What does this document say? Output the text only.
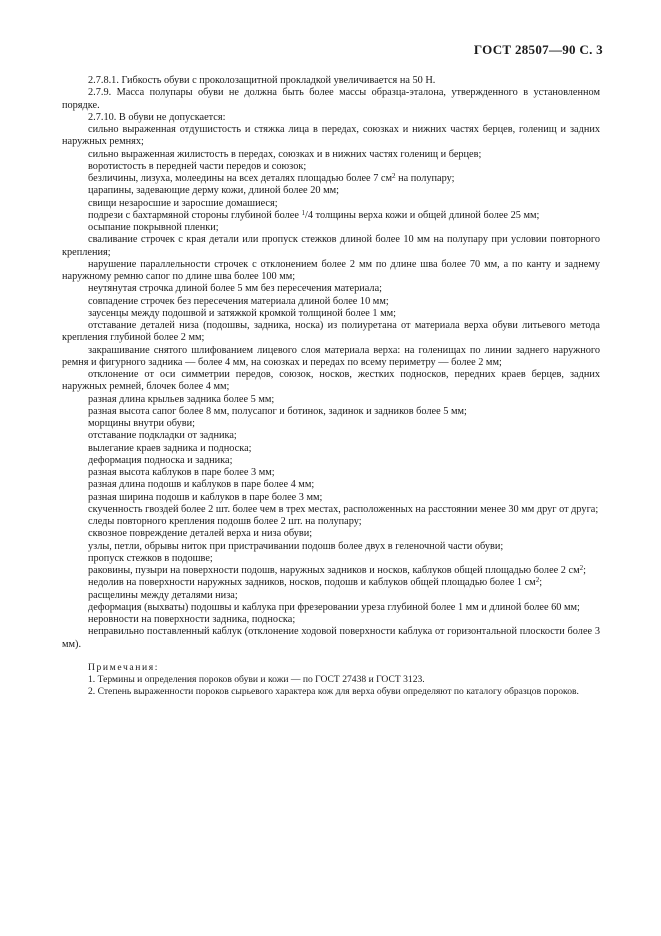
ГОСТ 28507—90 С. 3

2.7.8.1. Гибкость обуви с проколозащитной прокладкой увеличивается на 50 Н.

2.7.9. Масса полупары обуви не должна быть более массы образца-эталона, утвержденного в установленном порядке.

2.7.10. В обуви не допускается:

сильно выраженная отдушистость и стяжка лица в передах, союзках и нижних частях берцев, голенищ и задних наружных ремнях;

сильно выраженная жилистость в передах, союзках и в нижних частях голенищ и берцев;

воротистость в передней части передов и союзок;

безличины, лизуха, молеедины на всех деталях площадью более 7 $см^2$ на полупару;

царапины, задевающие дерму кожи, длиной более 20 мм;

свищи незаросшие и заросшие домашиеся;

подрези с бахтармяной стороны глубиной более $^1$/4 толщины верха кожи и общей длиной более 25 мм;

осыпание покрывной пленки;

сваливание строчек с края детали или пропуск стежков длиной более 10 мм на полупару при условии повторного крепления;

нарушение параллельности строчек с отклонением более 2 мм по длине шва более 70 мм, а по канту и заднему наружному ремню сапог по длине шва более 100 мм;

неутянутая строчка длиной более 5 мм без пересечения материала;

совпадение строчек без пересечения материала длиной более 10 мм;

заусенцы между подошвой и затяжкой кромкой толщиной более 1 мм;

отставание деталей низа (подошвы, задника, носка) из полиуретана от материала верха обуви литьевого метода крепления глубиной более 2 мм;

закрашивание снятого шлифованием лицевого слоя материала верха: на голенищах по линии заднего наружного ремня и фигурного задника — более 4 мм, на союзках и передах по всему периметру — более 2 мм;

отклонение от оси симметрии передов, союзок, носков, жестких подносков, передних краев берцев, задних наружных ремней, блочек более 4 мм;

разная длина крыльев задника более 5 мм;

разная высота сапог более 8 мм, полусапог и ботинок, задинок и задников более 5 мм;

морщины внутри обуви;

отставание подкладки от задника;

вылегание краев задника и подноска;

деформация подноска и задника;

разная высота каблуков в паре более 3 мм;

разная длина подошв и каблуков в паре более 4 мм;

разная ширина подошв и каблуков в паре более 3 мм;

скученность гвоздей более 2 шт. более чем в трех местах, расположенных на расстоянии менее 30 мм друг от друга;

следы повторного крепления подошв более 2 шт. на полупару;

сквозное повреждение деталей верха и низа обуви;

узлы, петли, обрывы ниток при пристрачивании подошв более двух в геленочной части обуви;

пропуск стежков в подошве;

раковины, пузыри на поверхности подошв, наружных задников и носков, каблуков общей площадью более 2 $см^2$;

недолив на поверхности наружных задников, носков, подошв и каблуков общей площадью более 1 $см^2$;

расщелины между деталями низа;

деформация (выхваты) подошвы и каблука при фрезеровании уреза глубиной более 1 мм и длиной более 60 мм;

неровности на поверхности задника, подноска;

неправильно поставленный каблук (отклонение ходовой поверхности каблука от горизонтальной плоскости более 3 мм).

Примечания:

1. Термины и определения пороков обуви и кожи — по ГОСТ 27438 и ГОСТ 3123.

2. Степень выраженности пороков сырьевого характера кож для верха обуви определяют по каталогу образцов пороков.
